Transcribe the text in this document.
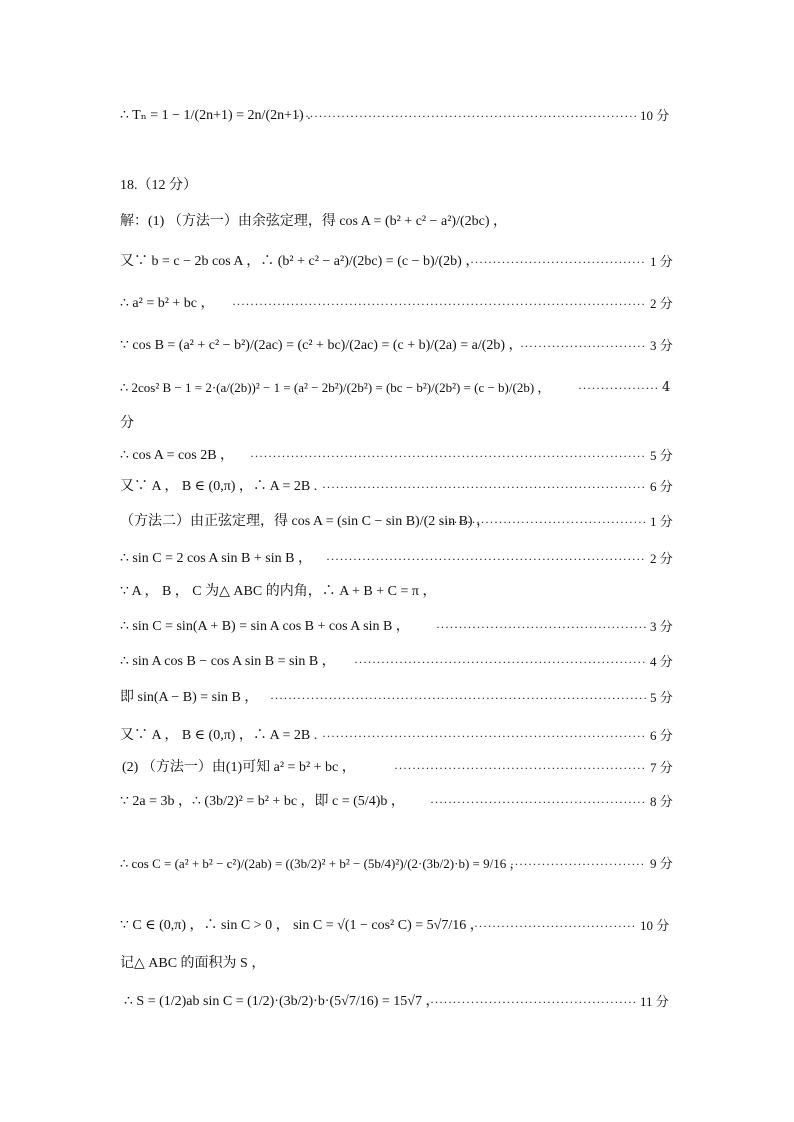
∴ Tₙ = 1 − 1/(2n+1) = 2n/(2n+1) . ·····	10 分
18.（12 分）
解：(1) （方法一）由余弦定理，得 cos A = (b² + c² − a²)/(2bc) ，
又∵ b = c − 2b cos A ，∴ (b² + c² − a²)/(2bc) = (c − b)/(2b) ， ·····	1 分
∴ a² = b² + bc ， ·····	2 分
∵ cos B = (a² + c² − b²)/(2ac) = (c² + bc)/(2ac) = (c + b)/(2a) = a/(2b) ， ·····	3 分
∴ 2cos² B − 1 = 2·(a/(2b))² − 1 = (a² − 2b²)/(2b²) = (bc − b²)/(2b²) = (c − b)/(2b) ， ·····	4
分
∴ cos A = cos 2B ， ·····	5 分
又∵ A ， B ∈ (0,π) ，∴ A = 2B . ·····	6 分
（方法二）由正弦定理，得 cos A = (sin C − sin B)/(2 sin B) ， ·····	1 分
∴ sin C = 2 cos A sin B + sin B ， ·····	2 分
∵ A ， B ， C 为△ ABC 的内角，∴ A + B + C = π ，
∴ sin C = sin(A + B) = sin A cos B + cos A sin B ， ·····	3 分
∴ sin A cos B − cos A sin B = sin B ， ·····	4 分
即 sin(A − B) = sin B ， ·····	5 分
又∵ A ， B ∈ (0,π) ，∴ A = 2B . ·····	6 分
(2) （方法一）由(1)可知 a² = b² + bc ， ·····	7 分
∵ 2a = 3b ，∴ (3b/2)² = b² + bc ，即 c = (5/4)b ， ·····	8 分
∴ cos C = (a² + b² − c²)/(2ab) = ((3b/2)² + b² − (5b/4)²)/(2·(3b/2)·b) = 9/16 ， ·····	9 分
∵ C ∈ (0,π) ，∴ sin C > 0 ， sin C = √(1 − cos² C) = 5√7/16 ， ·····	10 分
记△ ABC 的面积为 S ，
∴ S = (1/2)ab sin C = (1/2)·(3b/2)·b·(5√7/16) = 15√7 ， ·····	11 分
